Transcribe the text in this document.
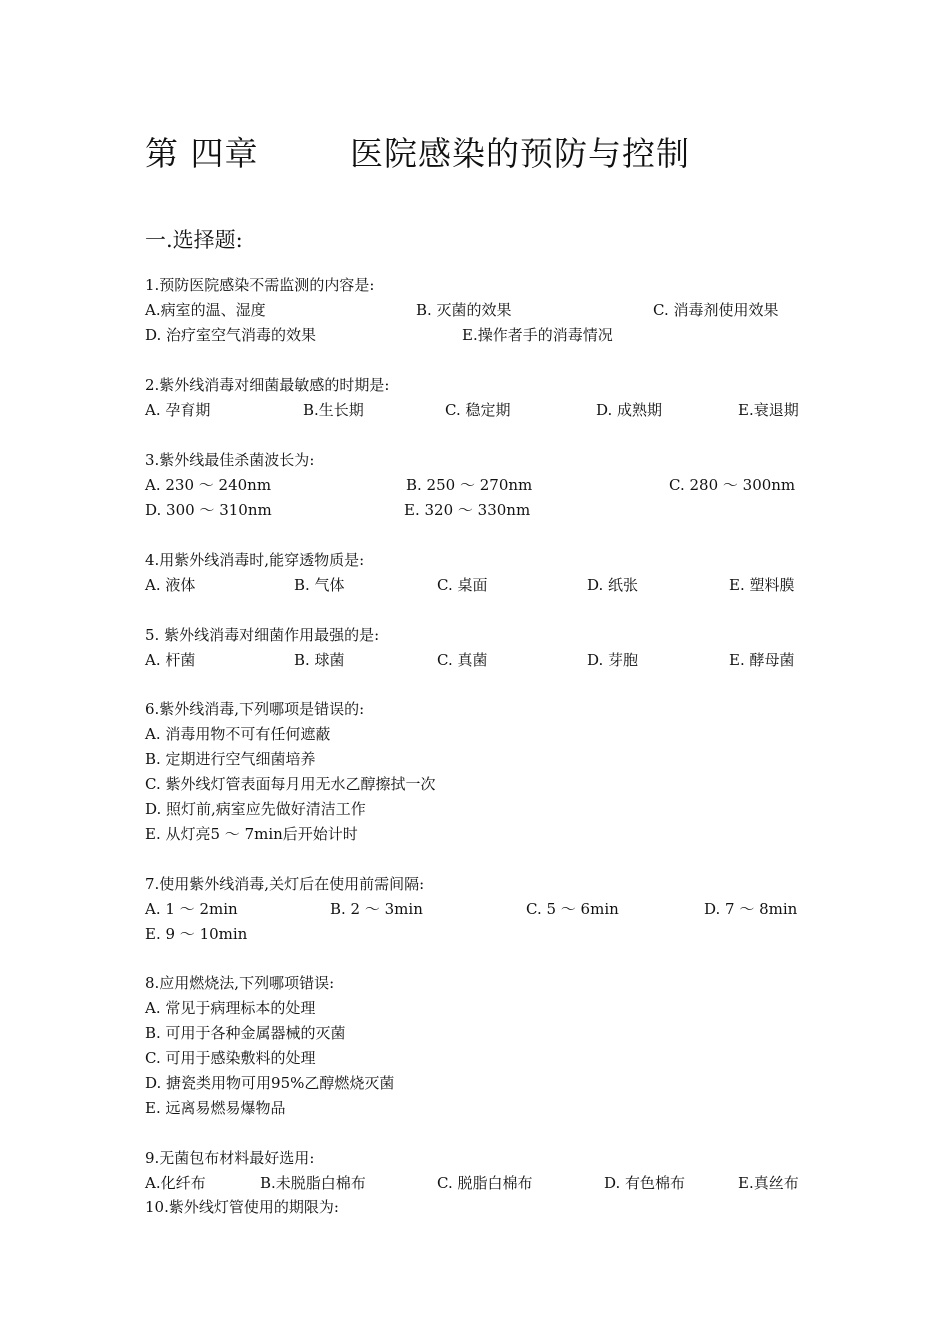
第 四章	医院感染的预防与控制
一.选择题:
1.预防医院感染不需监测的内容是:
A.病室的温、湿度	B. 灭菌的效果	C. 消毒剂使用效果
D. 治疗室空气消毒的效果	E.操作者手的消毒情况
2.紫外线消毒对细菌最敏感的时期是:
A. 孕育期	B.生长期	C. 稳定期	D. 成熟期	E.衰退期
3.紫外线最佳杀菌波长为:
A. 230 ～ 240nm	B. 250 ～ 270nm	C. 280 ～ 300nm
D. 300 ～ 310nm	E. 320 ～ 330nm
4.用紫外线消毒时,能穿透物质是:
A. 液体	B. 气体	C. 桌面	D. 纸张	E. 塑料膜
5. 紫外线消毒对细菌作用最强的是:
A. 杆菌	B. 球菌	C. 真菌	D. 芽胞	E. 酵母菌
6.紫外线消毒,下列哪项是错误的:
A. 消毒用物不可有任何遮蔽
B. 定期进行空气细菌培养
C. 紫外线灯管表面每月用无水乙醇擦拭一次
D. 照灯前,病室应先做好清洁工作
E. 从灯亮5 ～ 7min后开始计时
7.使用紫外线消毒,关灯后在使用前需间隔:
A. 1 ～ 2min	B. 2 ～ 3min	C. 5 ～ 6min	D. 7 ～ 8min
E. 9 ～ 10min
8.应用燃烧法,下列哪项错误:
A. 常见于病理标本的处理
B. 可用于各种金属器械的灭菌
C. 可用于感染敷料的处理
D. 搪瓷类用物可用95%乙醇燃烧灭菌
E. 远离易燃易爆物品
9.无菌包布材料最好选用:
A.化纤布	B.未脱脂白棉布	C. 脱脂白棉布	D. 有色棉布	E.真丝布
10.紫外线灯管使用的期限为:
